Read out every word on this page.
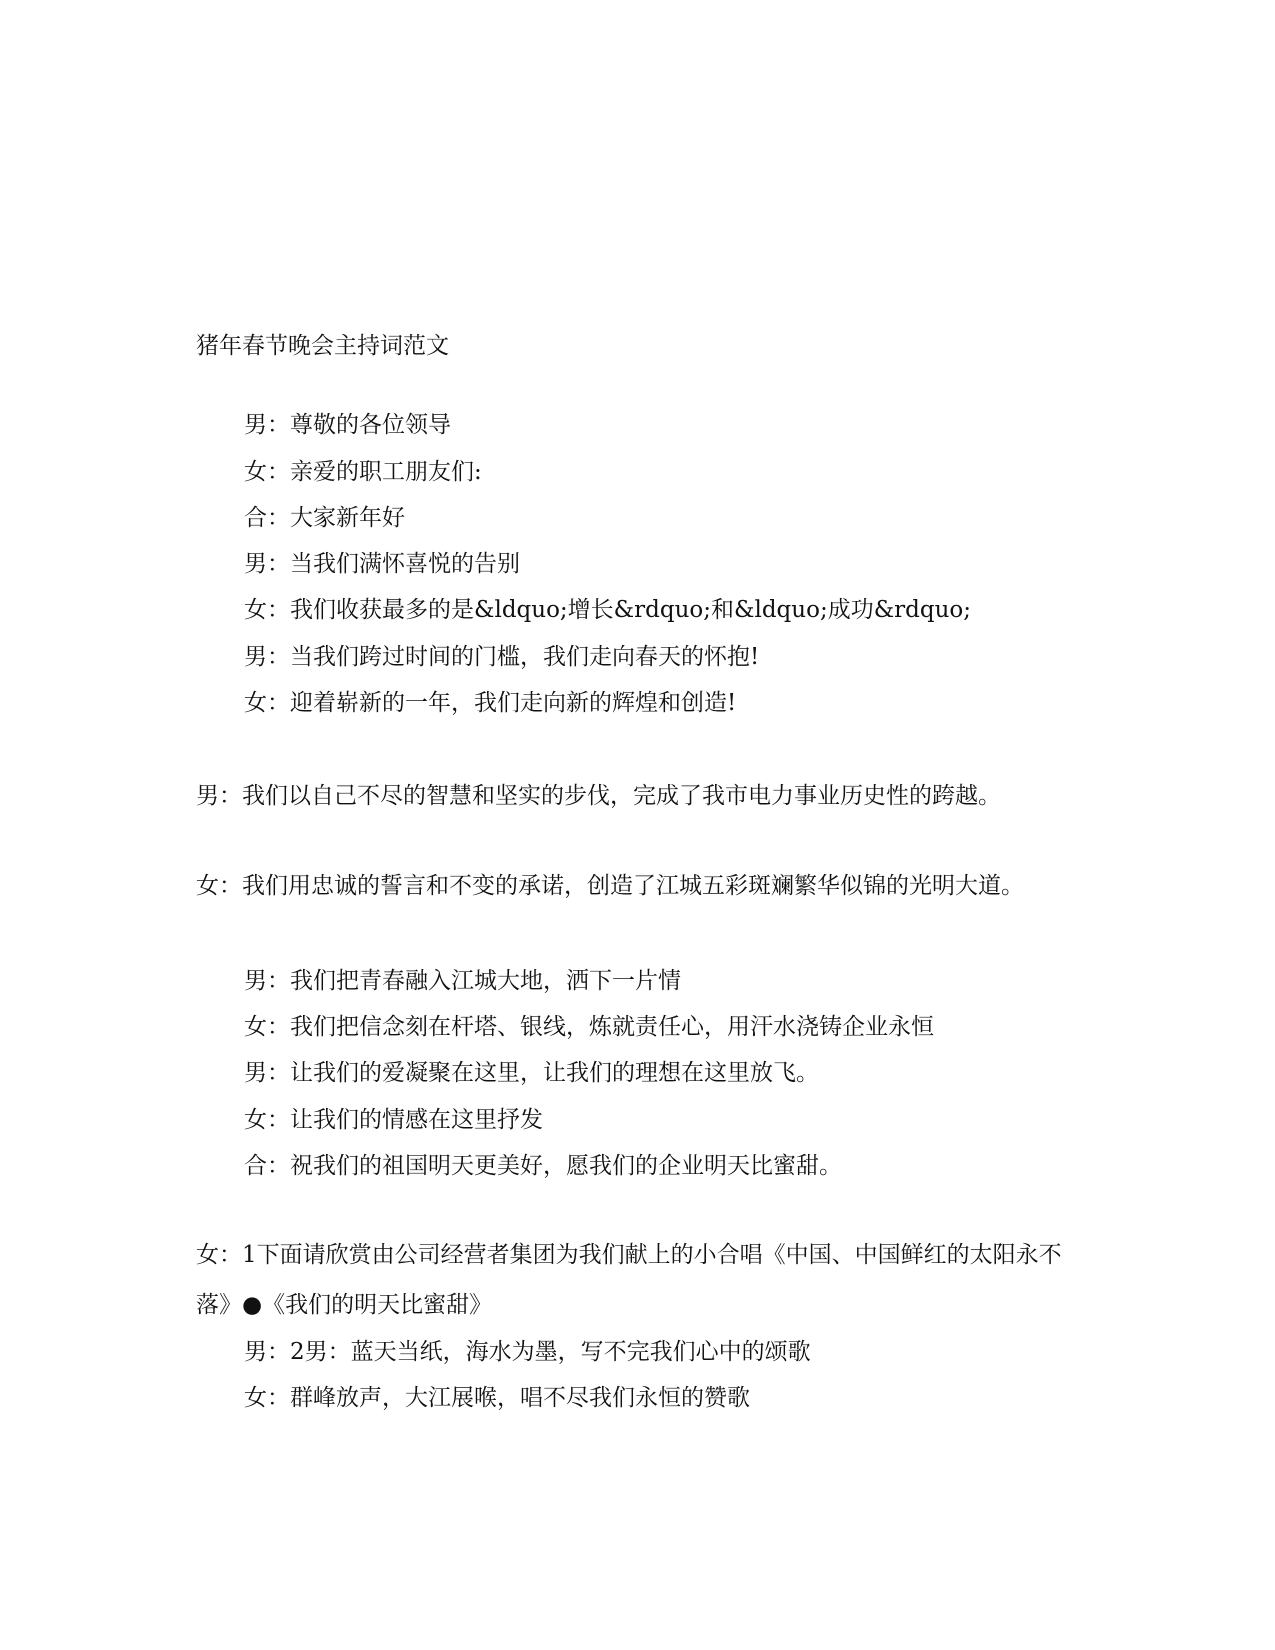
猪年春节晚会主持词范文
男：尊敬的各位领导
女：亲爱的职工朋友们:
合：大家新年好
男：当我们满怀喜悦的告别
女：我们收获最多的是&ldquo;增长&rdquo;和&ldquo;成功&rdquo;
男：当我们跨过时间的门槛，我们走向春天的怀抱!
女：迎着崭新的一年，我们走向新的辉煌和创造!
男：我们以自己不尽的智慧和坚实的步伐，完成了我市电力事业历史性的跨越。
女：我们用忠诚的誓言和不变的承诺，创造了江城五彩斑斓繁华似锦的光明大道。
男：我们把青春融入江城大地，洒下一片情
女：我们把信念刻在杆塔、银线，炼就责任心，用汗水浇铸企业永恒
男：让我们的爱凝聚在这里，让我们的理想在这里放飞。
女：让我们的情感在这里抒发
合：祝我们的祖国明天更美好，愿我们的企业明天比蜜甜。
女：1下面请欣赏由公司经营者集团为我们献上的小合唱《中国、中国鲜红的太阳永不落》●《我们的明天比蜜甜》
男：2男：蓝天当纸，海水为墨，写不完我们心中的颂歌
女：群峰放声，大江展喉，唱不尽我们永恒的赞歌
